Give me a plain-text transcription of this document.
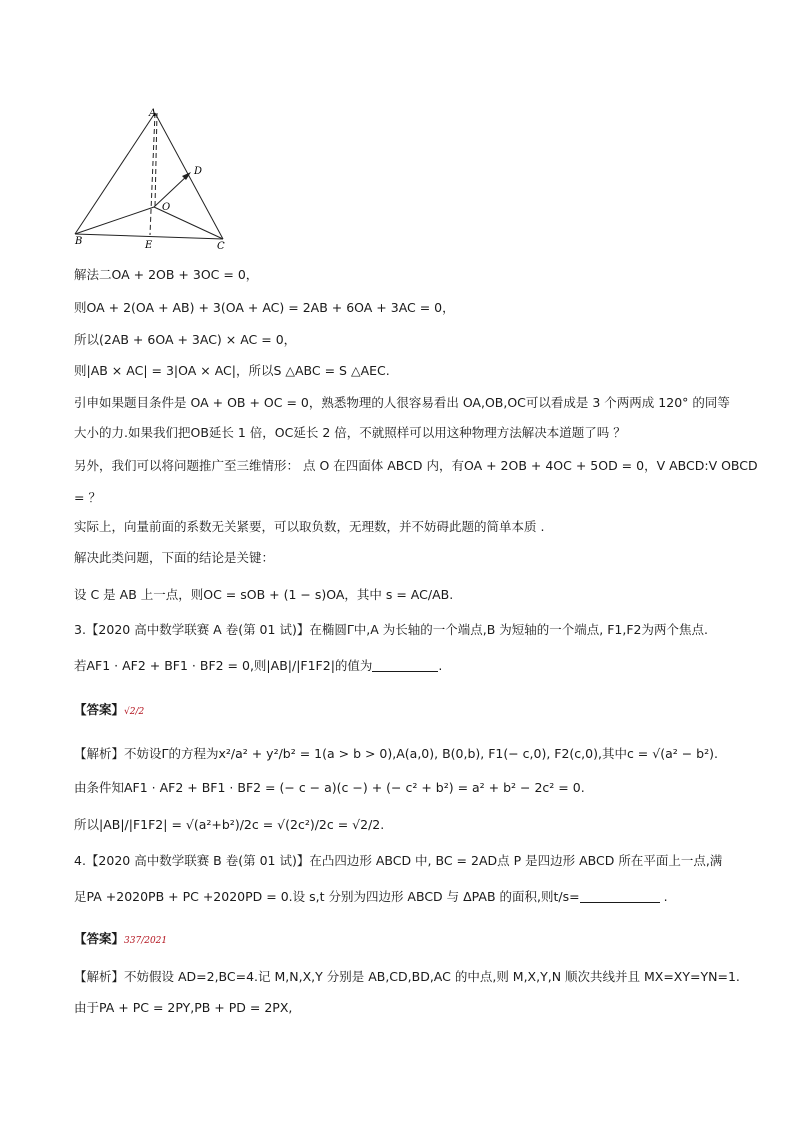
A
B	C
D
E
O
解法二OA + 2OB + 3OC = 0，
则OA + 2(OA + AB) + 3(OA + AC) = 2AB + 6OA + 3AC = 0，
所以(2AB + 6OA + 3AC) × AC = 0，
则|AB × AC| = 3|OA × AC|，所以S △ABC = S △AEC.
引申如果题目条件是 OA + OB + OC = 0，熟悉物理的人很容易看出 OA,OB,OC可以看成是 3 个两两成 120° 的同等
大小的力.如果我们把OB延长 1 倍，OC延长 2 倍，不就照样可以用这种物理方法解决本道题了吗 ？
另外，我们可以将问题推广至三维情形： 点 O 在四面体 ABCD 内，有OA + 2OB + 4OC + 5OD = 0，V ABCD:V OBCD
= ？
实际上，向量前面的系数无关紧要，可以取负数，无理数，并不妨碍此题的简单本质 .
解决此类问题，下面的结论是关键：
设 C 是 AB 上一点，则OC = sOB + (1 − s)OA，其中 s = AC/AB.
3.【2020 高中数学联赛 A 卷(第 01 试)】在椭圆Γ中,A 为长轴的一个端点,B 为短轴的一个端点, F1,F2为两个焦点.
若AF1 · AF2 + BF1 · BF2 = 0,则|AB|/|F1F2|的值为	.
【答案】√2/2
【解析】不妨设Γ的方程为x²/a² + y²/b² = 1(a > b > 0),A(a,0), B(0,b), F1(− c,0), F2(c,0),其中c = √(a² − b²).
由条件知AF1 · AF2 + BF1 · BF2 = (− c − a)(c −) + (− c² + b²) = a² + b² − 2c² = 0.
所以|AB|/|F1F2| = √(a²+b²)/2c = √(2c²)/2c = √2/2.
4.【2020 高中数学联赛 B 卷(第 01 试)】在凸四边形 ABCD 中, BC = 2AD点 P 是四边形 ABCD 所在平面上一点,满
足PA +2020PB + PC +2020PD = 0.设 s,t 分别为四边形 ABCD 与 ΔPAB 的面积,则t/s=	.
【答案】337/2021
【解析】不妨假设 AD=2,BC=4.记 M,N,X,Y 分别是 AB,CD,BD,AC 的中点,则 M,X,Y,N 顺次共线并且 MX=XY=YN=1.
由于PA + PC = 2PY,PB + PD = 2PX,
